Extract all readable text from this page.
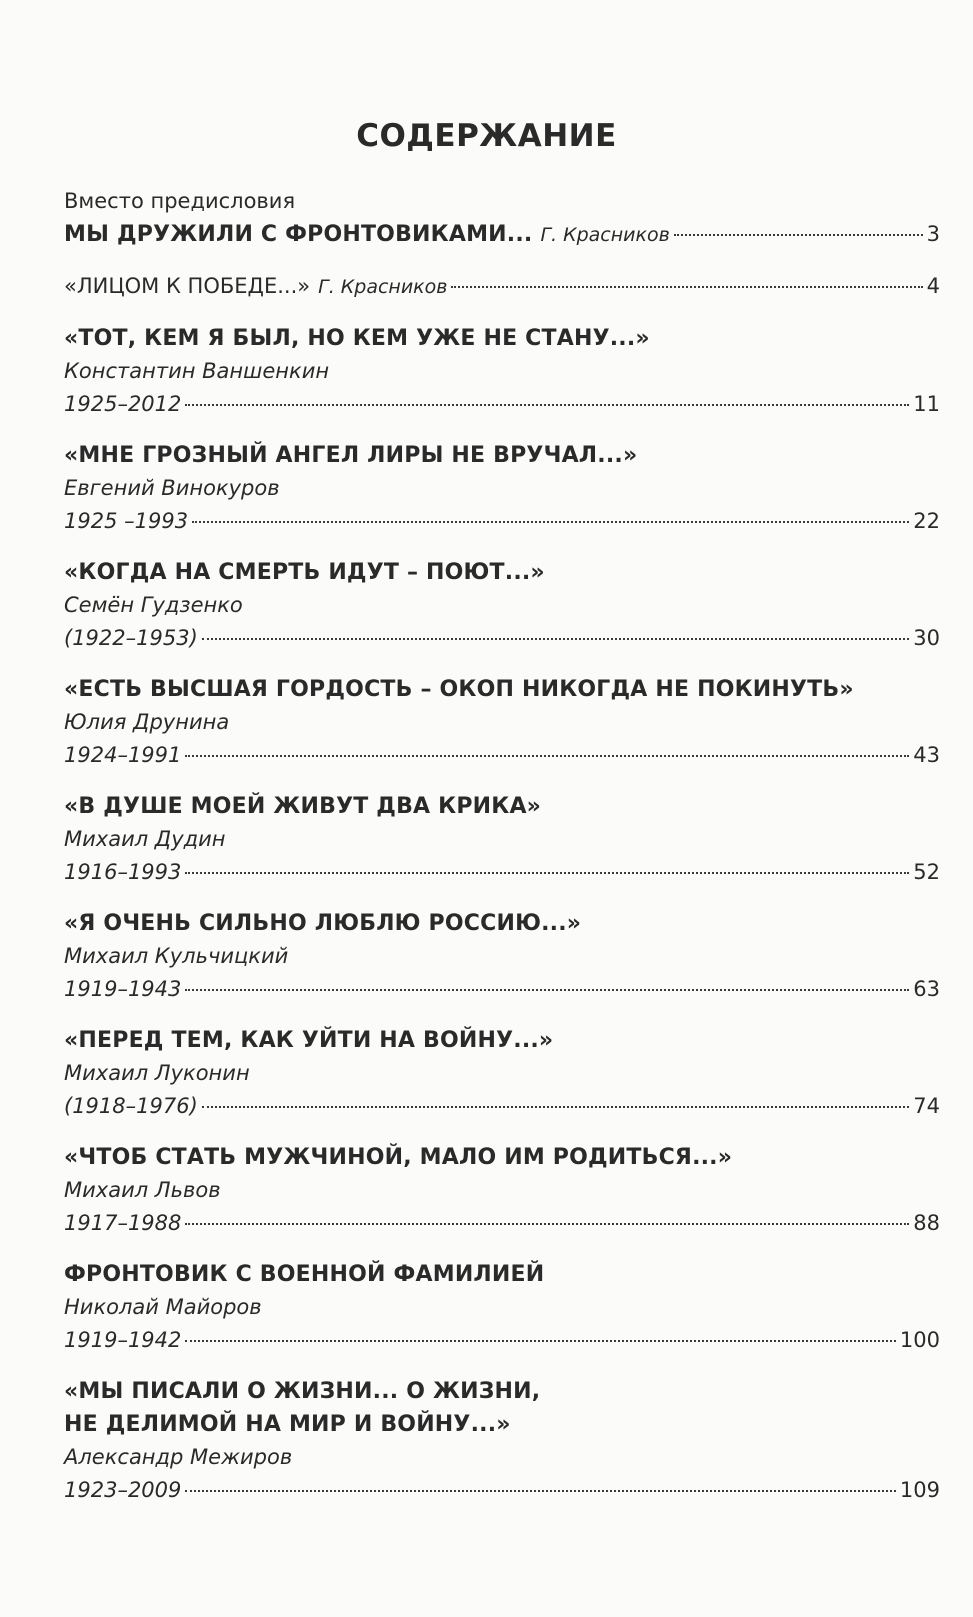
СОДЕРЖАНИЕ
Вместо предисловия
МЫ ДРУЖИЛИ С ФРОНТОВИКАМИ... Г. Красников	3
«ЛИЦОМ К ПОБЕДЕ...» Г. Красников	4
«ТОТ, КЕМ Я БЫЛ, НО КЕМ УЖЕ НЕ СТАНУ...»
Константин Ваншенкин
1925–2012	11
«МНЕ ГРОЗНЫЙ АНГЕЛ ЛИРЫ НЕ ВРУЧАЛ...»
Евгений Винокуров
1925 –1993	22
«КОГДА НА СМЕРТЬ ИДУТ – ПОЮТ...»
Семён Гудзенко
(1922–1953)	30
«ЕСТЬ ВЫСШАЯ ГОРДОСТЬ – ОКОП НИКОГДА НЕ ПОКИНУТЬ»
Юлия Друнина
1924–1991	43
«В ДУШЕ МОЕЙ ЖИВУТ ДВА КРИКА»
Михаил Дудин
1916–1993	52
«Я ОЧЕНЬ СИЛЬНО ЛЮБЛЮ РОССИЮ...»
Михаил Кульчицкий
1919–1943	63
«ПЕРЕД ТЕМ, КАК УЙТИ НА ВОЙНУ...»
Михаил Луконин
(1918–1976)	74
«ЧТОБ СТАТЬ МУЖЧИНОЙ, МАЛО ИМ РОДИТЬСЯ...»
Михаил Львов
1917–1988	88
ФРОНТОВИК С ВОЕННОЙ ФАМИЛИЕЙ
Николай Майоров
1919–1942	100
«МЫ ПИСАЛИ О ЖИЗНИ... О ЖИЗНИ,
НЕ ДЕЛИМОЙ НА МИР И ВОЙНУ...»
Александр Межиров
1923–2009	109
